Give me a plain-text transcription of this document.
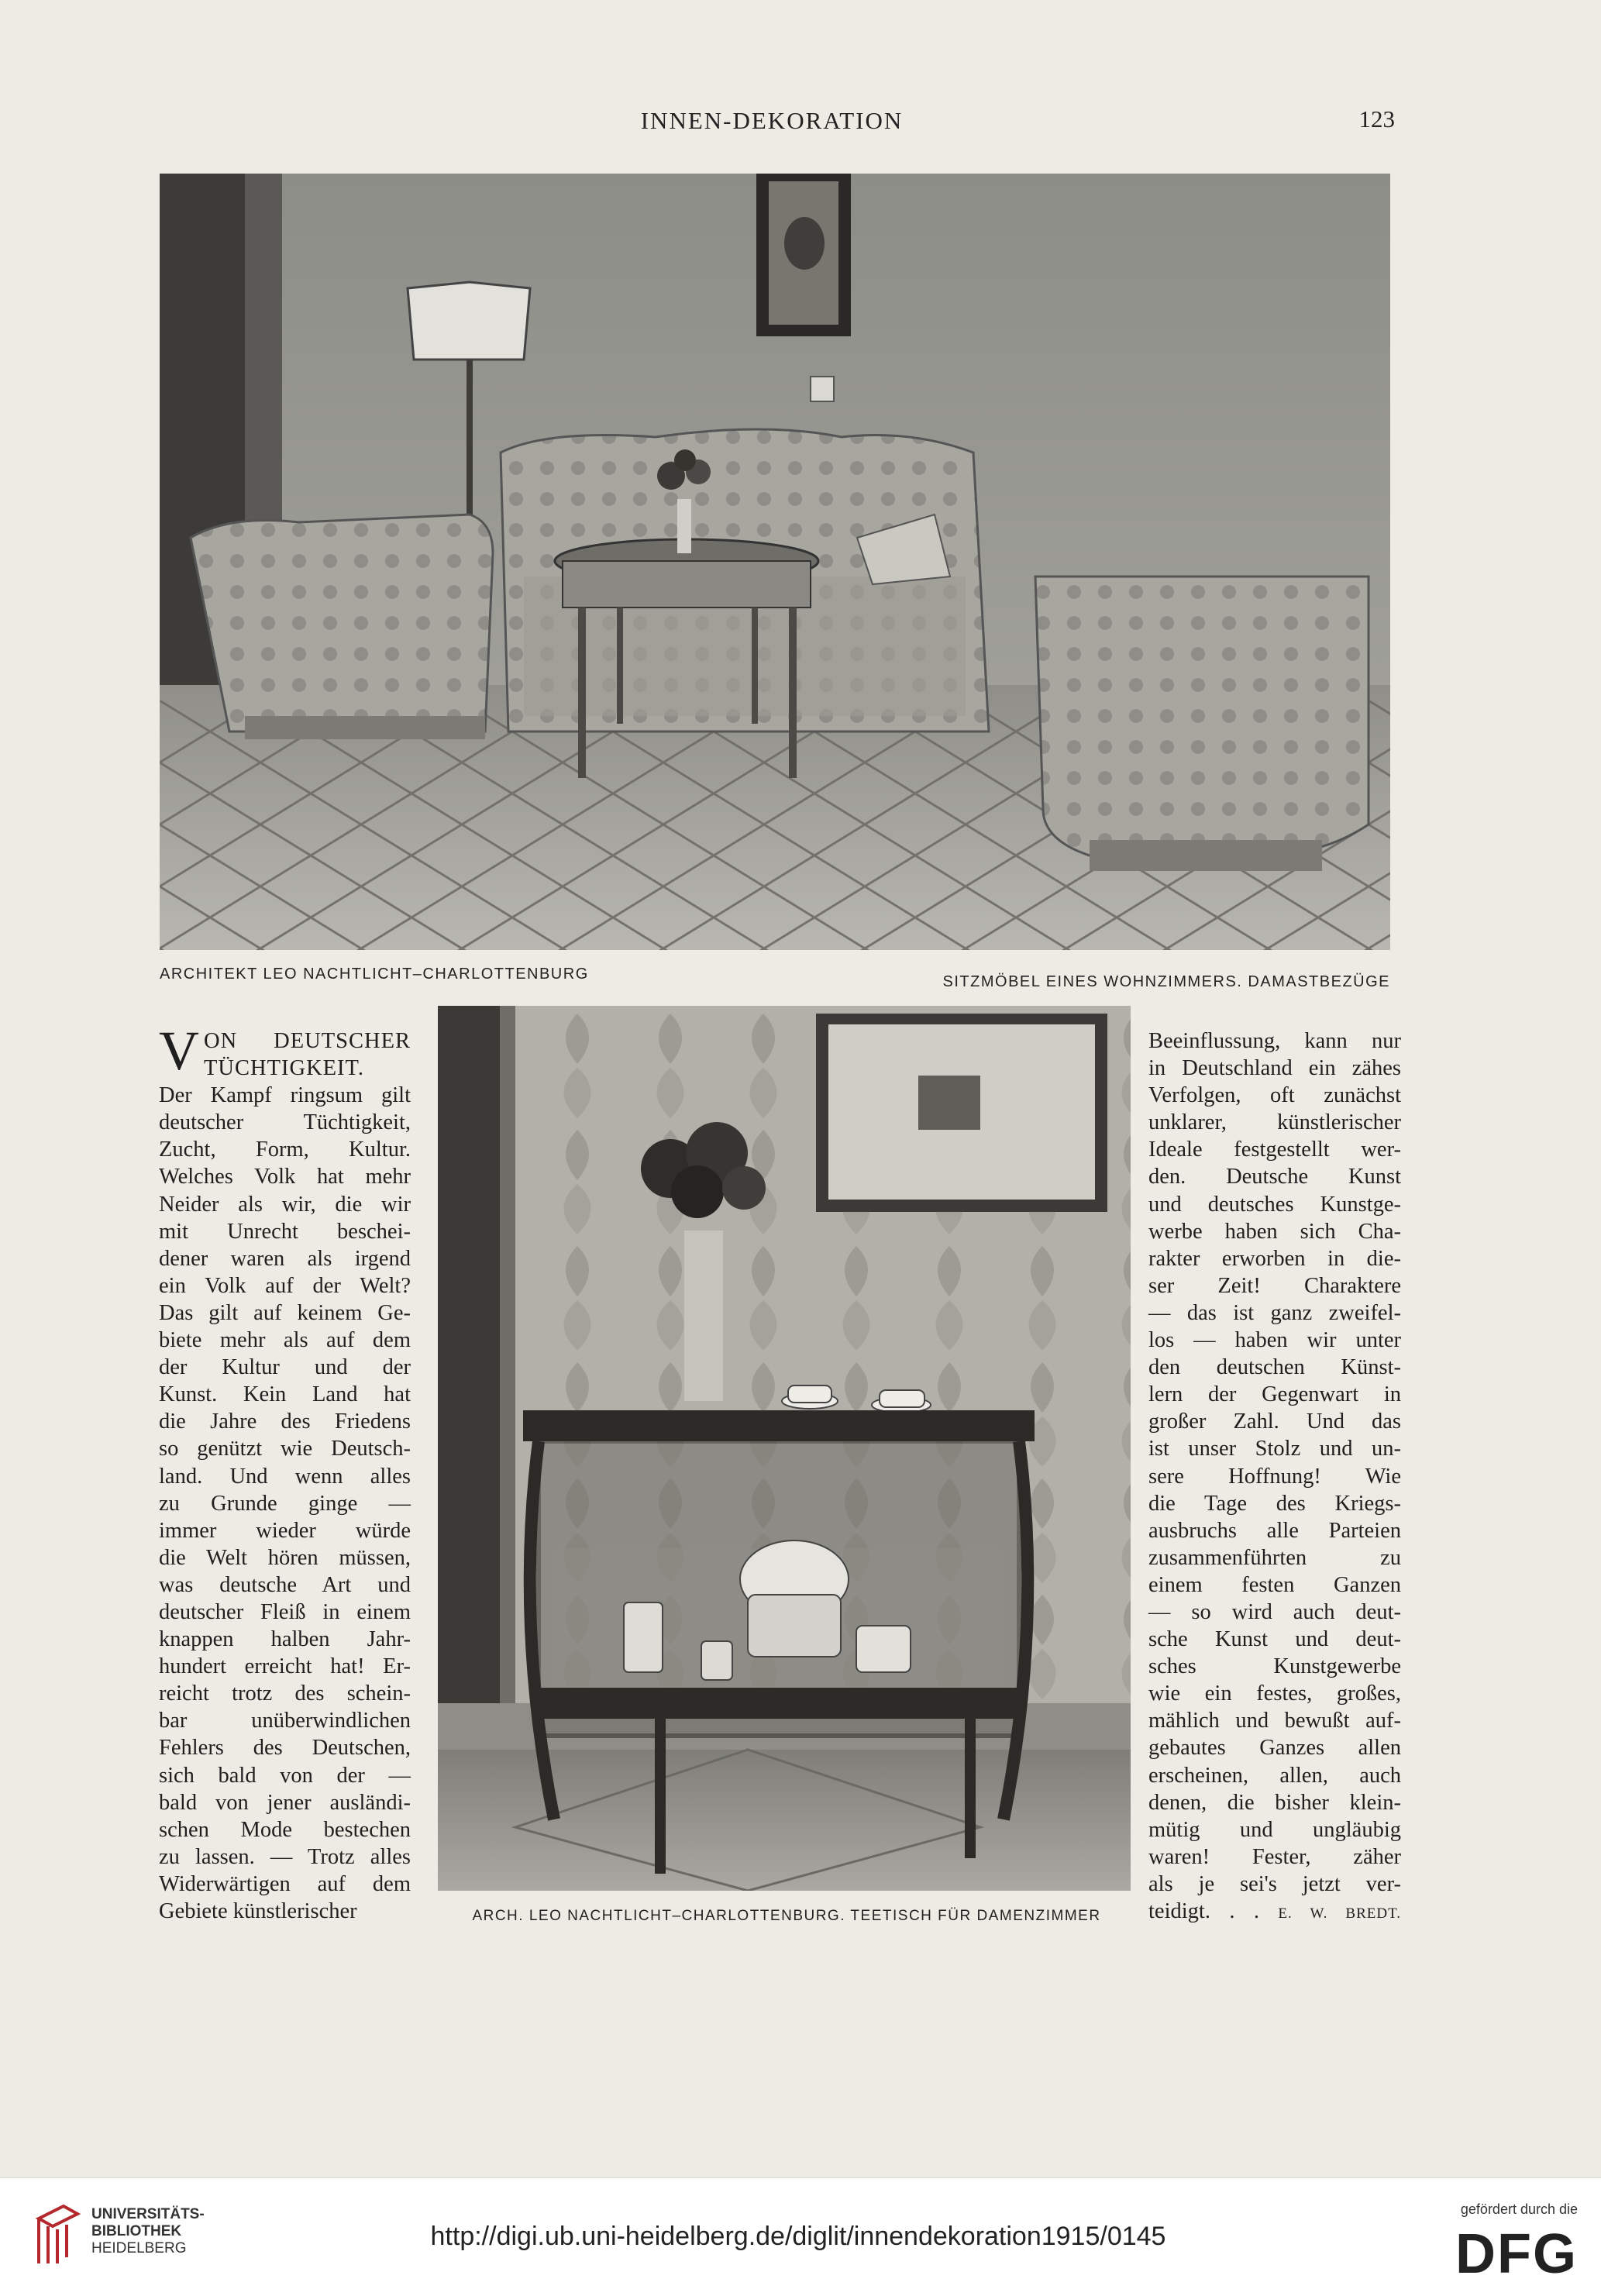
INNEN-DEKORATION	123
ARCHITEKT LEO NACHTLICHT–CHARLOTTENBURG	SITZMÖBEL EINES WOHNZIMMERS. DAMASTBEZÜGE
V ON DEUTSCHER
TÜCHTIGKEIT.
Der Kampf ringsum gilt
deutscher Tüchtigkeit,
Zucht, Form, Kultur.
Welches Volk hat mehr
Neider als wir, die wir
mit Unrecht beschei-
dener waren als irgend
ein Volk auf der Welt?
Das gilt auf keinem Ge-
biete mehr als auf dem
der Kultur und der
Kunst. Kein Land hat
die Jahre des Friedens
so genützt wie Deutsch-
land. Und wenn alles
zu Grunde ginge —
immer wieder würde
die Welt hören müssen,
was deutsche Art und
deutscher Fleiß in einem
knappen halben Jahr-
hundert erreicht hat! Er-
reicht trotz des schein-
bar unüberwindlichen
Fehlers des Deutschen,
sich bald von der —
bald von jener ausländi-
schen Mode bestechen
zu lassen. — Trotz alles
Widerwärtigen auf dem
Gebiete künstlerischer	ARCH. LEO NACHTLICHT–CHARLOTTENBURG. TEETISCH FÜR DAMENZIMMER
Beeinflussung, kann nur
in Deutschland ein zähes
Verfolgen, oft zunächst
unklarer, künstlerischer
Ideale festgestellt wer-
den. Deutsche Kunst
und deutsches Kunstge-
werbe haben sich Cha-
rakter erworben in die-
ser Zeit! Charaktere
— das ist ganz zweifel-
los — haben wir unter
den deutschen Künst-
lern der Gegenwart in
großer Zahl. Und das
ist unser Stolz und un-
sere Hoffnung! Wie
die Tage des Kriegs-
ausbruchs alle Parteien
zusammenführten zu
einem festen Ganzen
— so wird auch deut-
sche Kunst und deut-
sches Kunstgewerbe
wie ein festes, großes,
mählich und bewußt auf-
gebautes Ganzes allen
erscheinen, allen, auch
denen, die bisher klein-
mütig und ungläubig
waren! Fester, zäher
als je sei's jetzt ver-
teidigt. . . E. W. BREDT.
UNIVERSITÄTS-
BIBLIOTHEK
HEIDELBERG	http://digi.ub.uni-heidelberg.de/diglit/innendekoration1915/0145
gefördert durch die
DFG
